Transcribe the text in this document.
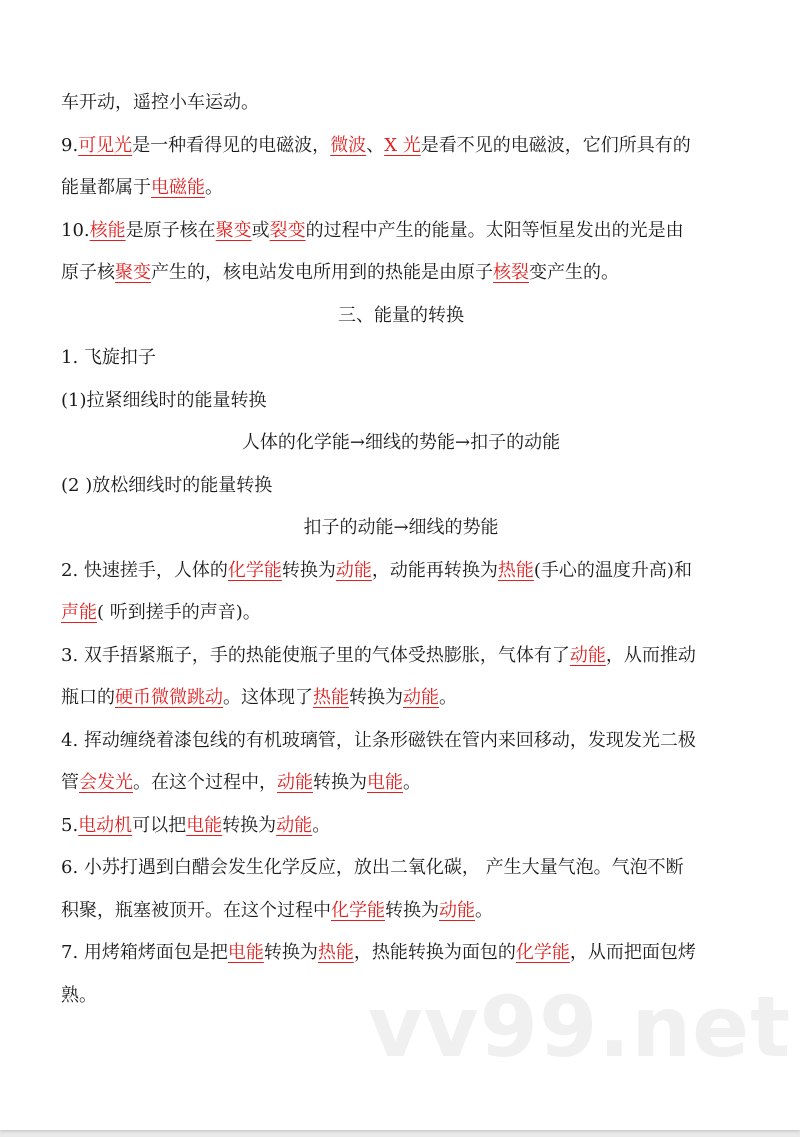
车开动，遥控小车运动。
9.可见光是一种看得见的电磁波，微波、X 光是看不见的电磁波，它们所具有的
能量都属于电磁能。
10.核能是原子核在聚变或裂变的过程中产生的能量。太阳等恒星发出的光是由
原子核聚变产生的，核电站发电所用到的热能是由原子核裂变产生的。
三、能量的转换
1. 飞旋扣子
(1)拉紧细线时的能量转换
人体的化学能→细线的势能→扣子的动能
(2 )放松细线时的能量转换
扣子的动能→细线的势能
2. 快速搓手，人体的化学能转换为动能，动能再转换为热能(手心的温度升高)和
声能( 听到搓手的声音)。
3. 双手捂紧瓶子，手的热能使瓶子里的气体受热膨胀，气体有了动能，从而推动
瓶口的硬币微微跳动。这体现了热能转换为动能。
4. 挥动缠绕着漆包线的有机玻璃管，让条形磁铁在管内来回移动，发现发光二极
管会发光。在这个过程中，动能转换为电能。
5.电动机可以把电能转换为动能。
6. 小苏打遇到白醋会发生化学反应，放出二氧化碳， 产生大量气泡。气泡不断
积聚，瓶塞被顶开。在这个过程中化学能转换为动能。
7. 用烤箱烤面包是把电能转换为热能，热能转换为面包的化学能，从而把面包烤
熟。	vv99.net
